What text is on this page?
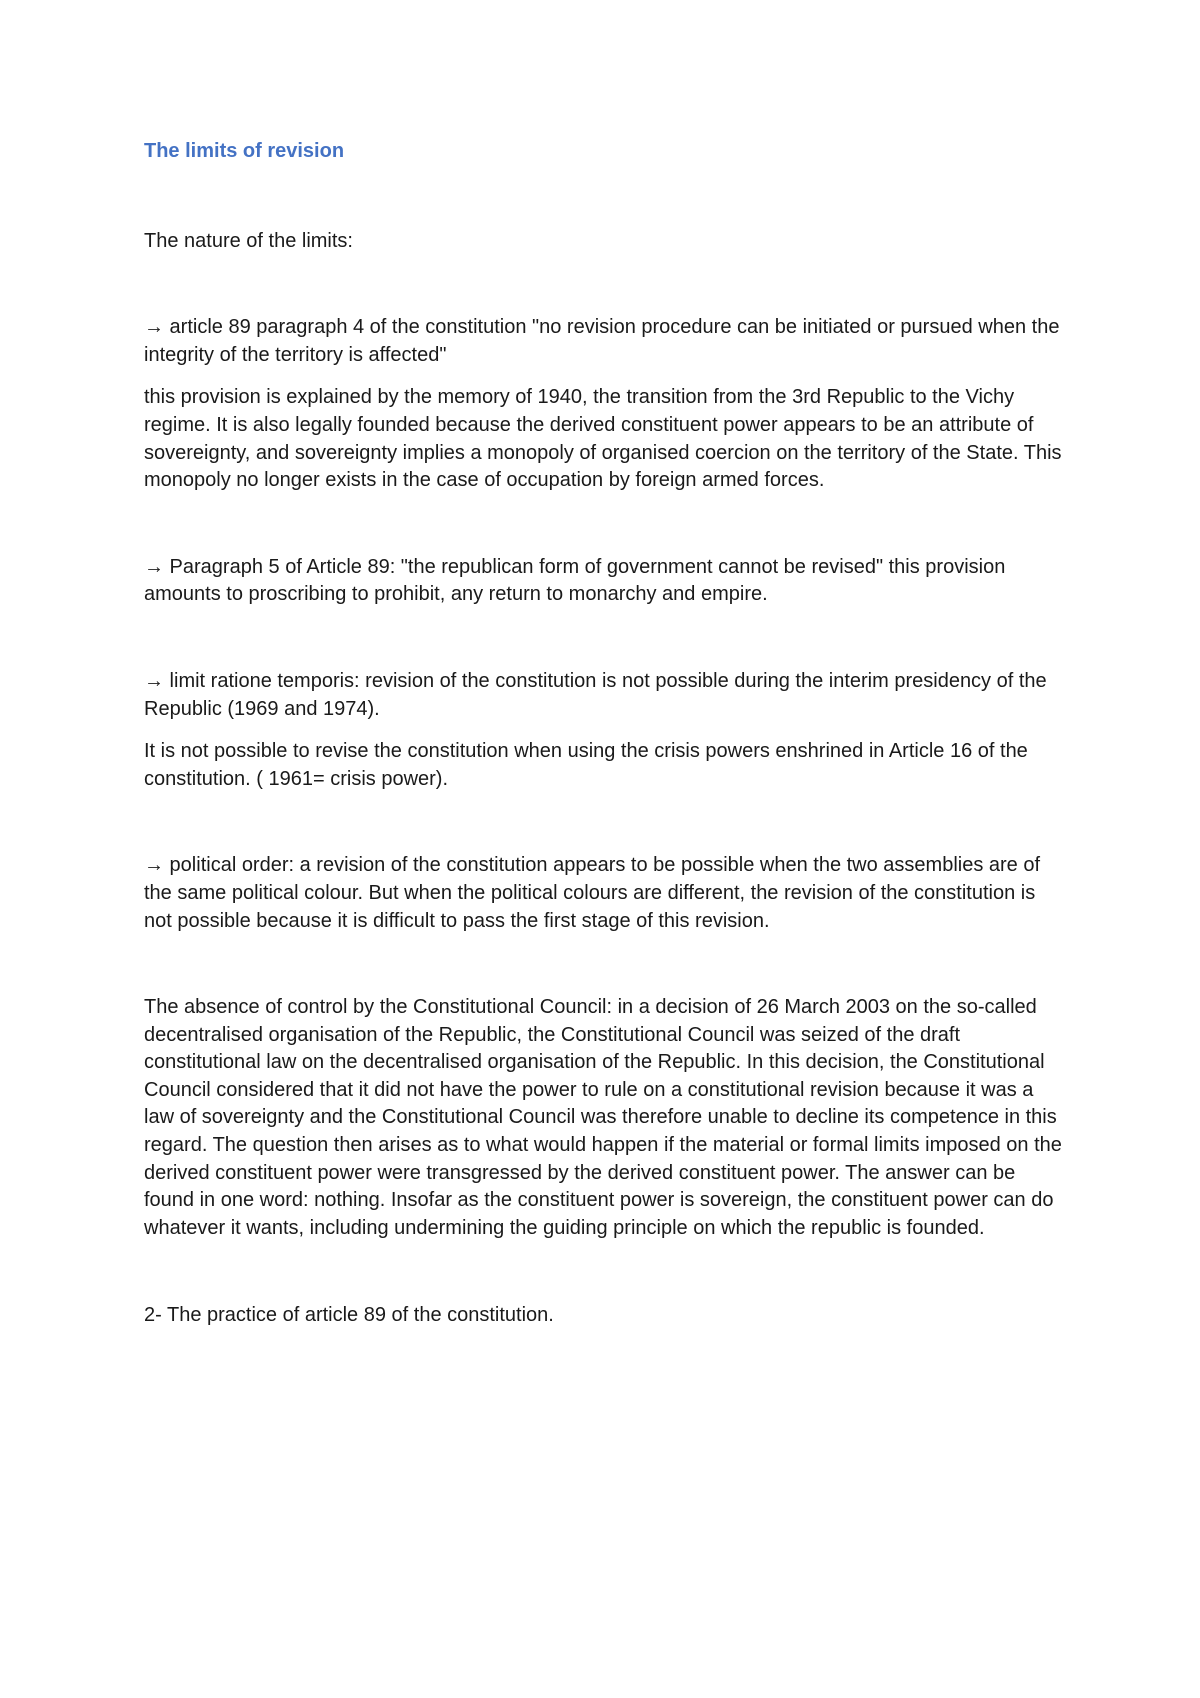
The limits of revision

The nature of the limits:

→ article 89 paragraph 4 of the constitution "no revision procedure can be initiated or pursued when the integrity of the territory is affected"

this provision is explained by the memory of 1940, the transition from the 3rd Republic to the Vichy regime. It is also legally founded because the derived constituent power appears to be an attribute of sovereignty, and sovereignty implies a monopoly of organised coercion on the territory of the State. This monopoly no longer exists in the case of occupation by foreign armed forces.

→ Paragraph 5 of Article 89: "the republican form of government cannot be revised" this provision amounts to proscribing to prohibit, any return to monarchy and empire.

→ limit ratione temporis: revision of the constitution is not possible during the interim presidency of the Republic (1969 and 1974).

It is not possible to revise the constitution when using the crisis powers enshrined in Article 16 of the constitution. ( 1961= crisis power).

→ political order: a revision of the constitution appears to be possible when the two assemblies are of the same political colour. But when the political colours are different, the revision of the constitution is not possible because it is difficult to pass the first stage of this revision.

The absence of control by the Constitutional Council: in a decision of 26 March 2003 on the so-called decentralised organisation of the Republic, the Constitutional Council was seized of the draft constitutional law on the decentralised organisation of the Republic. In this decision, the Constitutional Council considered that it did not have the power to rule on a constitutional revision because it was a law of sovereignty and the Constitutional Council was therefore unable to decline its competence in this regard. The question then arises as to what would happen if the material or formal limits imposed on the derived constituent power were transgressed by the derived constituent power. The answer can be found in one word: nothing. Insofar as the constituent power is sovereign, the constituent power can do whatever it wants, including undermining the guiding principle on which the republic is founded.

2- The practice of article 89 of the constitution.
